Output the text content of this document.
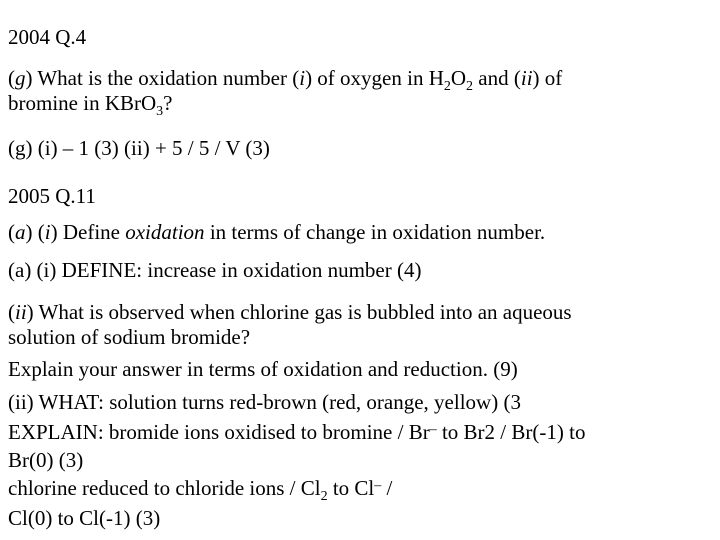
2004 Q.4
(g) What is the oxidation number (i) of oxygen in $H_2O_2$ and (ii) of
bromine in KBrO$_3$?
(g) (i) – 1 (3) (ii) + 5 / 5 / V (3)
2005 Q.11
(a) (i) Define oxidation in terms of change in oxidation number.
(a) (i) DEFINE: increase in oxidation number (4)
(ii) What is observed when chlorine gas is bubbled into an aqueous
solution of sodium bromide?
Explain your answer in terms of oxidation and reduction. (9)
(ii) WHAT: solution turns red-brown (red, orange, yellow) (3
EXPLAIN: bromide ions oxidised to bromine / Br– to Br2 / Br(-1) to
Br(0) (3)
chlorine reduced to chloride ions / $Cl_2$ to Cl– /
Cl(0) to Cl(-1) (3)
